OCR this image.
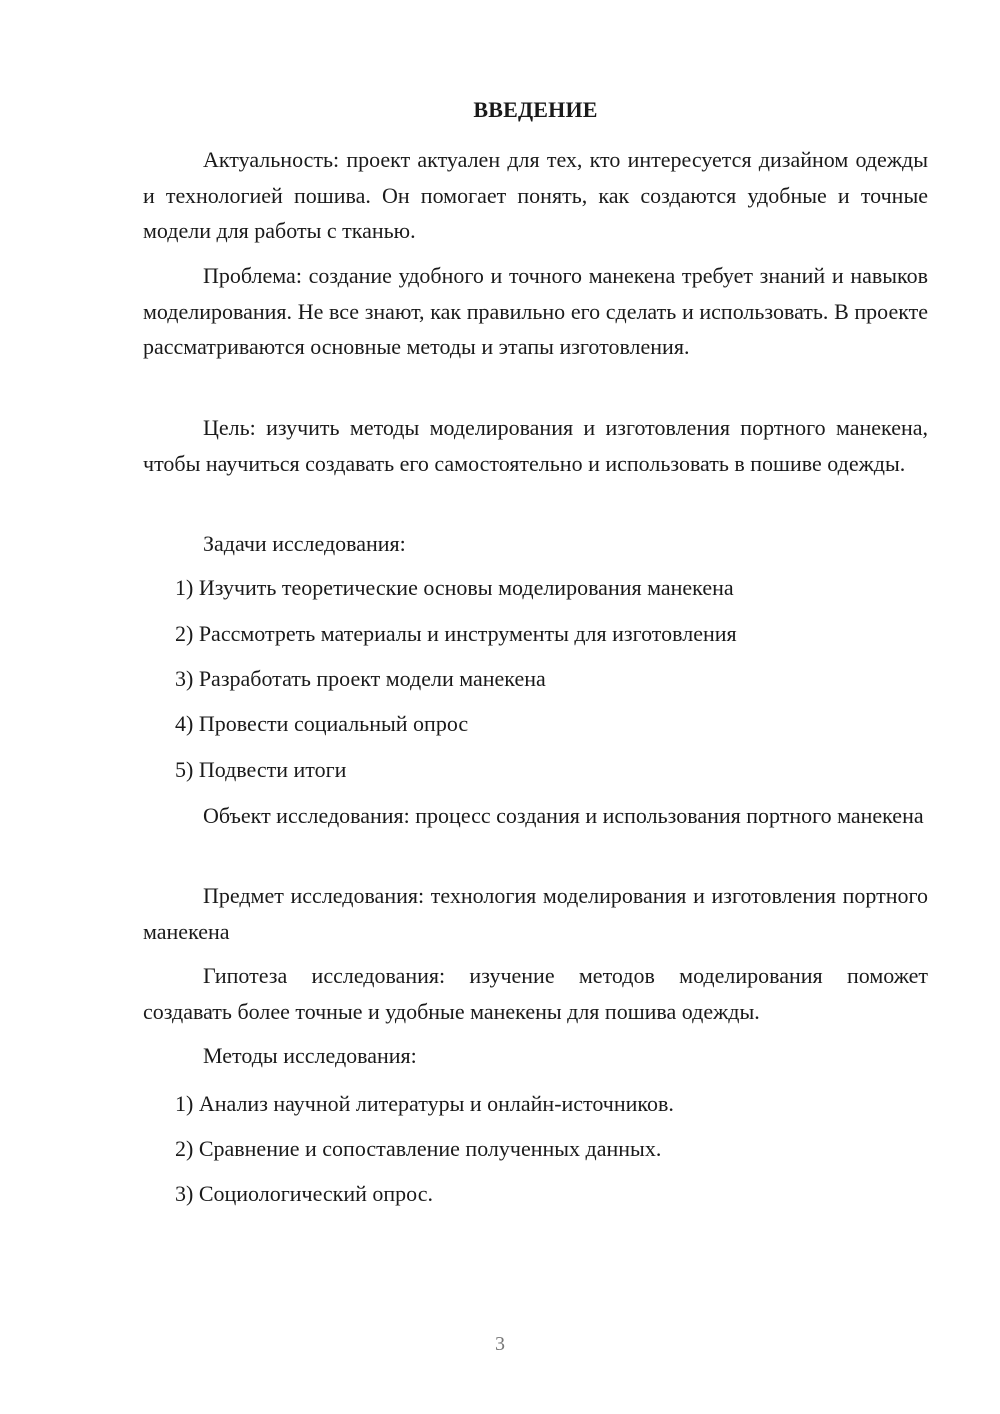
ВВЕДЕНИЕ

Актуальность: проект актуален для тех, кто интересуется дизайном одежды и технологией пошива. Он помогает понять, как создаются удобные и точные модели для работы с тканью.

Проблема: создание удобного и точного манекена требует знаний и навыков моделирования. Не все знают, как правильно его сделать и использовать. В проекте рассматриваются основные методы и этапы изготовления.

Цель: изучить методы моделирования и изготовления портного манекена, чтобы научиться создавать его самостоятельно и использовать в пошиве одежды.

Задачи исследования:

1) Изучить теоретические основы моделирования манекена
2) Рассмотреть материалы и инструменты для изготовления
3) Разработать проект модели манекена
4) Провести социальный опрос
5) Подвести итоги

Объект исследования: процесс создания и использования портного манекена

Предмет исследования: технология моделирования и изготовления портного манекена

Гипотеза исследования: изучение методов моделирования поможет создавать более точные и удобные манекены для пошива одежды.

Методы исследования:

1) Анализ научной литературы и онлайн-источников.
2) Сравнение и сопоставление полученных данных.
3) Социологический опрос.
3
